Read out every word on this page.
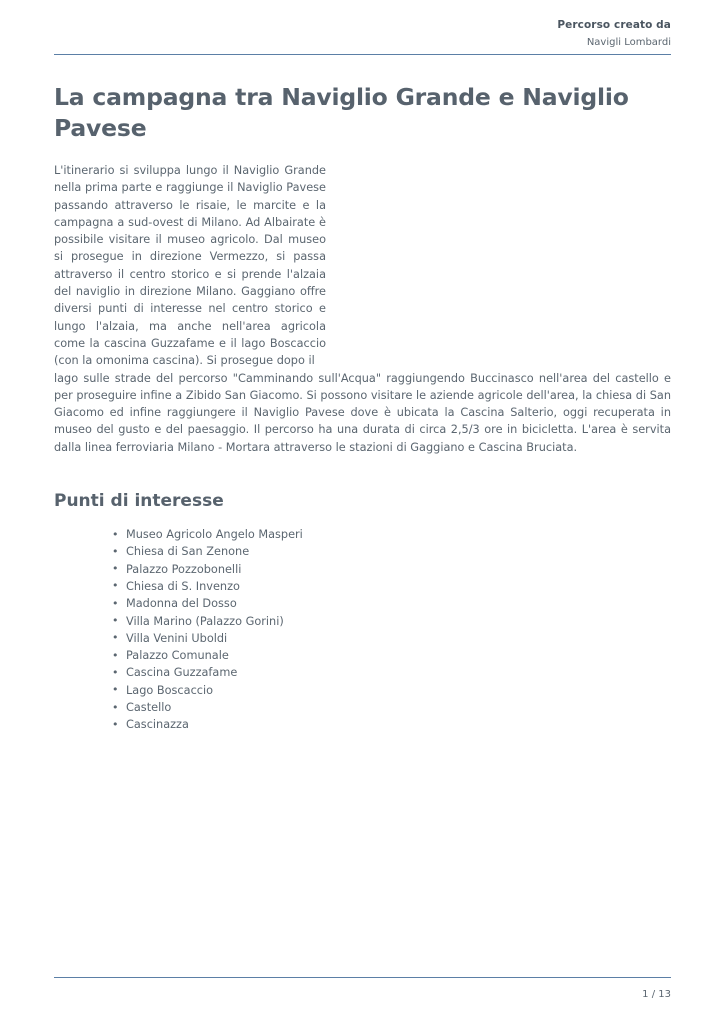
Percorso creato da
Navigli Lombardi
La campagna tra Naviglio Grande e Naviglio Pavese

L'itinerario si sviluppa lungo il Naviglio Grande nella prima parte e raggiunge il Naviglio Pavese passando attraverso le risaie, le marcite e la campagna a sud-ovest di Milano. Ad Albairate è possibile visitare il museo agricolo. Dal museo si prosegue in direzione Vermezzo, si passa attraverso il centro storico e si prende l'alzaia del naviglio in direzione Milano. Gaggiano offre diversi punti di interesse nel centro storico e lungo l'alzaia, ma anche nell'area agricola come la cascina Guzzafame e il lago Boscaccio (con la omonima cascina). Si prosegue dopo il
lago sulle strade del percorso "Camminando sull'Acqua" raggiungendo Buccinasco nell'area del castello e per proseguire infine a Zibido San Giacomo. Si possono visitare le aziende agricole dell'area, la chiesa di San Giacomo ed infine raggiungere il Naviglio Pavese dove è ubicata la Cascina Salterio, oggi recuperata in museo del gusto e del paesaggio. Il percorso ha una durata di circa 2,5/3 ore in bicicletta. L'area è servita dalla linea ferroviaria Milano - Mortara attraverso le stazioni di Gaggiano e Cascina Bruciata.

Punti di interesse
• Museo Agricolo Angelo Masperi
• Chiesa di San Zenone
• Palazzo Pozzobonelli
• Chiesa di S. Invenzo
• Madonna del Dosso
• Villa Marino (Palazzo Gorini)
• Villa Venini Uboldi
• Palazzo Comunale
• Cascina Guzzafame
• Lago Boscaccio
• Castello
• Cascinazza
1 / 13
